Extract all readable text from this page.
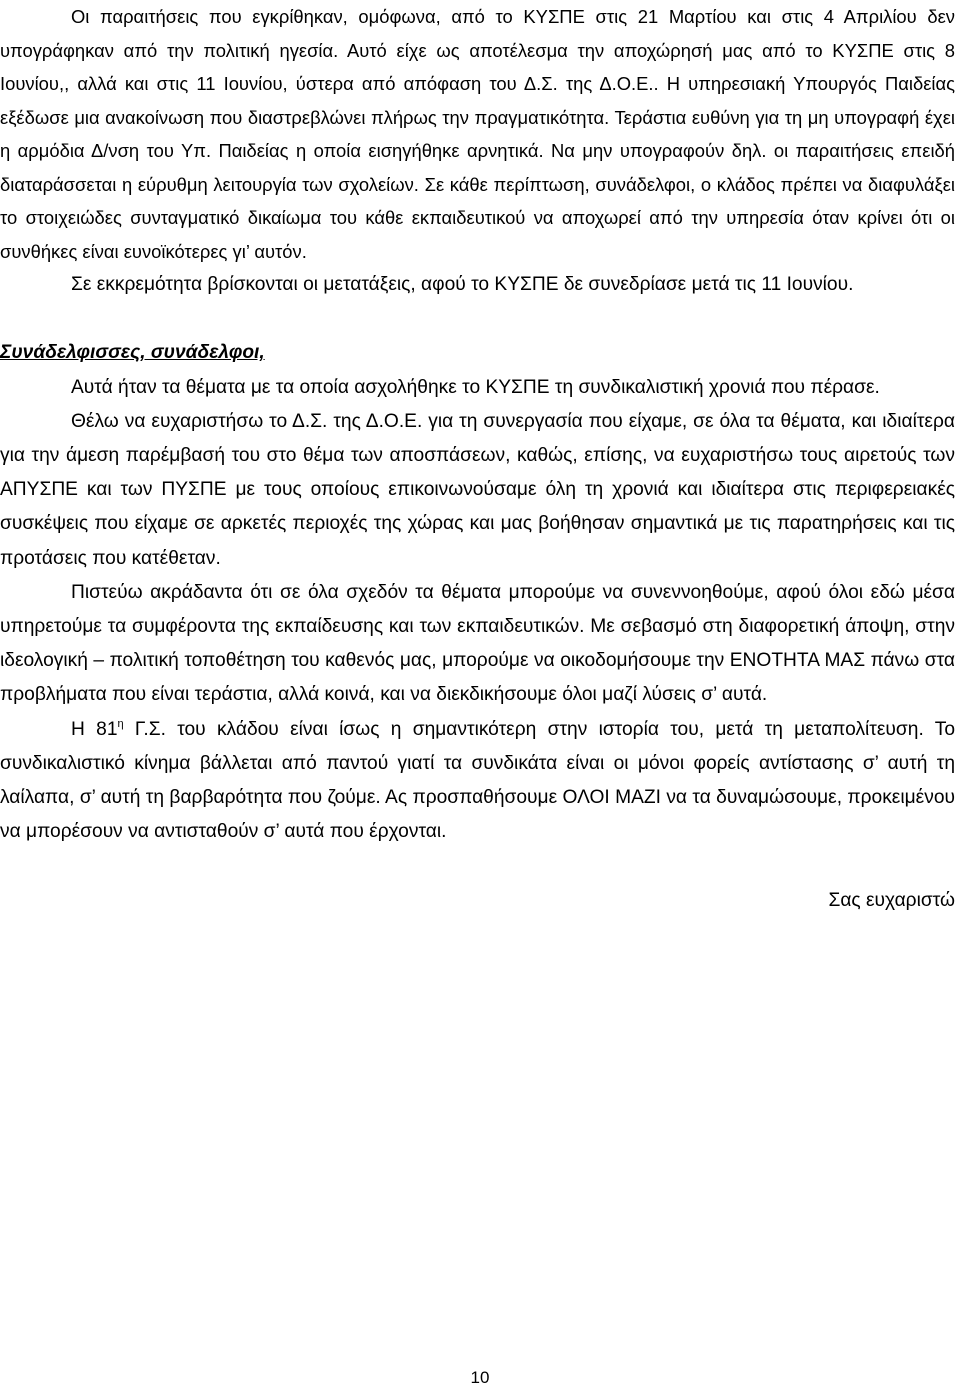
Οι παραιτήσεις που εγκρίθηκαν, ομόφωνα, από το ΚΥΣΠΕ στις 21 Μαρτίου και στις 4 Απριλίου δεν υπογράφηκαν από την πολιτική ηγεσία. Αυτό είχε ως αποτέλεσμα την αποχώρησή μας από το ΚΥΣΠΕ στις 8 Ιουνίου,, αλλά και στις 11 Ιουνίου, ύστερα από απόφαση του Δ.Σ. της Δ.Ο.Ε.. Η υπηρεσιακή Υπουργός Παιδείας εξέδωσε μια ανακοίνωση που διαστρεβλώνει πλήρως την πραγματικότητα. Τεράστια ευθύνη για τη μη υπογραφή έχει η αρμόδια Δ/νση του Υπ. Παιδείας η οποία εισηγήθηκε αρνητικά. Να μην υπογραφούν δηλ. οι παραιτήσεις επειδή διαταράσσεται η εύρυθμη λειτουργία των σχολείων. Σε κάθε περίπτωση, συνάδελφοι, ο κλάδος πρέπει να διαφυλάξει το στοιχειώδες συνταγματικό δικαίωμα του κάθε εκπαιδευτικού να αποχωρεί από την υπηρεσία όταν κρίνει ότι οι συνθήκες είναι ευνοϊκότερες γι’ αυτόν.

Σε εκκρεμότητα βρίσκονται οι μετατάξεις, αφού το ΚΥΣΠΕ δε συνεδρίασε μετά τις 11 Ιουνίου.

Συνάδελφισσες, συνάδελφοι,

Αυτά ήταν τα θέματα με τα οποία ασχολήθηκε το ΚΥΣΠΕ τη συνδικαλιστική χρονιά που πέρασε.

Θέλω να ευχαριστήσω το Δ.Σ. της Δ.Ο.Ε. για τη συνεργασία που είχαμε, σε όλα τα θέματα, και ιδιαίτερα για την άμεση παρέμβασή του στο θέμα των αποσπάσεων, καθώς, επίσης, να ευχαριστήσω τους αιρετούς των ΑΠΥΣΠΕ και των ΠΥΣΠΕ με τους οποίους επικοινωνούσαμε όλη τη χρονιά και ιδιαίτερα στις περιφερειακές συσκέψεις που είχαμε σε αρκετές περιοχές της χώρας και μας βοήθησαν σημαντικά με τις παρατηρήσεις και τις προτάσεις που κατέθεταν.

Πιστεύω ακράδαντα ότι σε όλα σχεδόν τα θέματα μπορούμε να συνεννοηθούμε, αφού όλοι εδώ μέσα υπηρετούμε τα συμφέροντα της εκπαίδευσης και των εκπαιδευτικών. Με σεβασμό στη διαφορετική άποψη, στην ιδεολογική – πολιτική τοποθέτηση του καθενός μας, μπορούμε να οικοδομήσουμε την ΕΝΟΤΗΤΑ ΜΑΣ πάνω στα προβλήματα που είναι τεράστια, αλλά κοινά, και να διεκδικήσουμε όλοι μαζί λύσεις σ’ αυτά.

Η $81^\eta$ Γ.Σ. του κλάδου είναι ίσως η σημαντικότερη στην ιστορία του, μετά τη μεταπολίτευση. Το συνδικαλιστικό κίνημα βάλλεται από παντού γιατί τα συνδικάτα είναι οι μόνοι φορείς αντίστασης σ’ αυτή τη λαίλαπα, σ’ αυτή τη βαρβαρότητα που ζούμε. Ας προσπαθήσουμε ΟΛΟΙ ΜΑΖΙ να τα δυναμώσουμε, προκειμένου να μπορέσουν να αντισταθούν σ’ αυτά που έρχονται.

Σας ευχαριστώ

10
